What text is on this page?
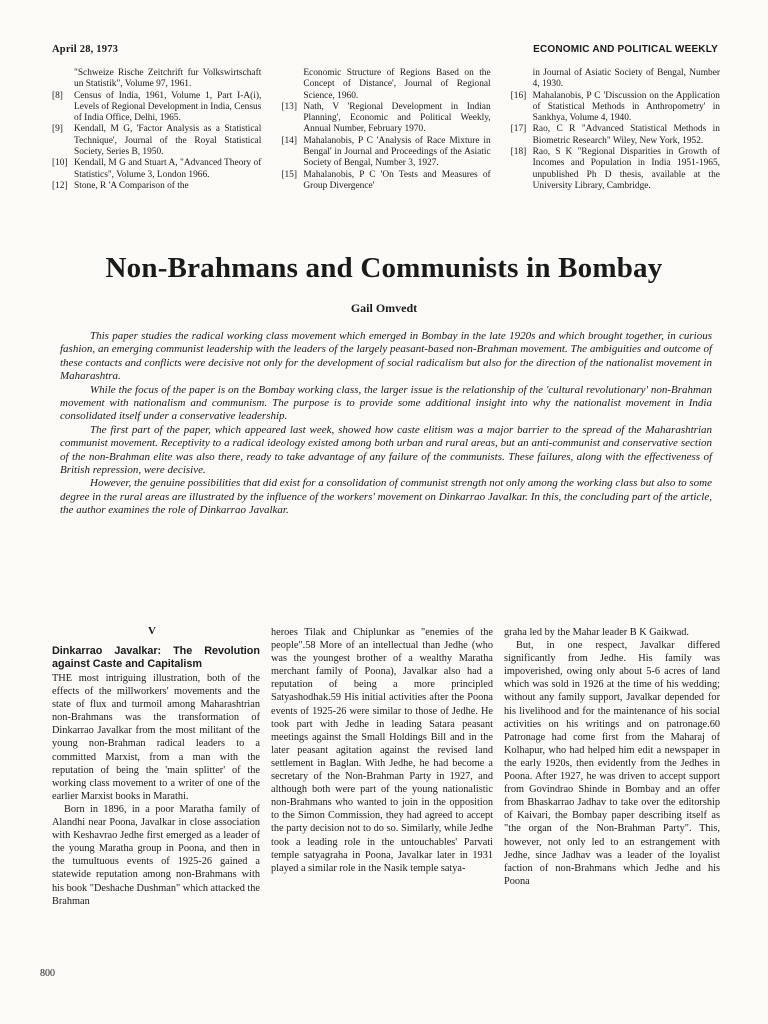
April 28, 1973	ECONOMIC AND POLITICAL WEEKLY
"Schweize Rische Zeitchrift fur Volkswirtschaft un Statistik", Volume 97, 1961.
[8]	Census of India, 1961, Volume 1, Part I-A(i), Levels of Regional Development in India, Census of India Office, Delhi, 1965.
[9]	Kendall, M G, 'Factor Analysis as a Statistical Technique', Journal of the Royal Statistical Society, Series B, 1950.
[10] Kendall, M G and Stuart A, "Advanced Theory of Statistics", Volume 3, London 1966.
[12] Stone, R 'A Comparison of the
Economic Structure of Regions Based on the Concept of Distance', Journal of Regional Science, 1960.
[13] Nath, V 'Regional Development in Indian Planning', Economic and Political Weekly, Annual Number, February 1970.
[14] Mahalanobis, P C 'Analysis of Race Mixture in Bengal' in Journal and Proceedings of the Asiatic Society of Bengal, Number 3, 1927.
[15] Mahalanobis, P C 'On Tests and Measures of Group Divergence'
in Journal of Asiatic Society of Bengal, Number 4, 1930.
[16] Mahalanobis, P C 'Discussion on the Application of Statistical Methods in Anthropometry' in Sankhya, Volume 4, 1940.
[17] Rao, C R "Advanced Statistical Methods in Biometric Research" Wiley, New York, 1952.
[18] Rao, S K "Regional Disparities in Growth of Incomes and Population in India 1951-1965, unpublished Ph D thesis, available at the University Library, Cambridge.
Non-Brahmans and Communists in Bombay
Gail Omvedt

This paper studies the radical working class movement which emerged in Bombay in the late 1920s and which brought together, in curious fashion, an emerging communist leadership with the leaders of the largely peasant-based non-Brahman movement. The ambiguities and outcome of these contacts and conflicts were decisive not only for the development of social radicalism but also for the direction of the nationalist movement in Maharashtra.

While the focus of the paper is on the Bombay working class, the larger issue is the relationship of the 'cultural revolutionary' non-Brahman movement with nationalism and communism. The purpose is to provide some additional insight into why the nationalist movement in India consolidated itself under a conservative leadership.

The first part of the paper, which appeared last week, showed how caste elitism was a major barrier to the spread of the Maharashtrian communist movement. Receptivity to a radical ideology existed among both urban and rural areas, but an anti-communist and conservative section of the non-Brahman elite was also there, ready to take advantage of any failure of the communists. These failures, along with the effectiveness of British repression, were decisive.

However, the genuine possibilities that did exist for a consolidation of communist strength not only among the working class but also to some degree in the rural areas are illustrated by the influence of the workers' movement on Dinkarrao Javalkar. In this, the concluding part of the article, the author examines the role of Dinkarrao Javalkar.

V
Dinkarrao Javalkar: The Revolution against Caste and Capitalism

THE most intriguing illustration, both of the effects of the millworkers' movements and the state of flux and turmoil among Maharashtrian non-Brahmans was the transformation of Dinkarrao Javalkar from the most militant of the young non-Brahman radical leaders to a committed Marxist, from a man with the reputation of being the 'main splitter' of the working class movement to a writer of one of the earlier Marxist books in Marathi.

Born in 1896, in a poor Maratha family of Alandhi near Poona, Javalkar in close association with Keshavrao Jedhe first emerged as a leader of the young Maratha group in Poona, and then in the tumultuous events of 1925-26 gained a statewide reputation among non-Brahmans with his book "Deshache Dushman" which attacked the Brahman

heroes Tilak and Chiplunkar as "enemies of the people".58 More of an intellectual than Jedhe (who was the youngest brother of a wealthy Maratha merchant family of Poona), Javalkar also had a reputation of being a more principled Satyashodhak.59 His initial activities after the Poona events of 1925-26 were similar to those of Jedhe. He took part with Jedhe in leading Satara peasant meetings against the Small Holdings Bill and in the later peasant agitation against the revised land settlement in Baglan. With Jedhe, he had become a secretary of the Non-Brahman Party in 1927, and although both were part of the young nationalistic non-Brahmans who wanted to join in the opposition to the Simon Commission, they had agreed to accept the party decision not to do so. Similarly, while Jedhe took a leading role in the untouchables' Parvati temple satyagraha in Poona, Javalkar later in 1931 played a similar role in the Nasik temple satya-

graha led by the Mahar leader B K Gaikwad.

But, in one respect, Javalkar differed significantly from Jedhe. His family was impoverished, owing only about 5-6 acres of land which was sold in 1926 at the time of his wedding; without any family support, Javalkar depended for his livelihood and for the maintenance of his social activities on his writings and on patronage.60 Patronage had come first from the Maharaj of Kolhapur, who had helped him edit a newspaper in the early 1920s, then evidently from the Jedhes in Poona. After 1927, he was driven to accept support from Govindrao Shinde in Bombay and an offer from Bhaskarrao Jadhav to take over the editorship of Kaivari, the Bombay paper describing itself as "the organ of the Non-Brahman Party". This, however, not only led to an estrangement with Jedhe, since Jadhav was a leader of the loyalist faction of non-Brahmans which Jedhe and his Poona

800
